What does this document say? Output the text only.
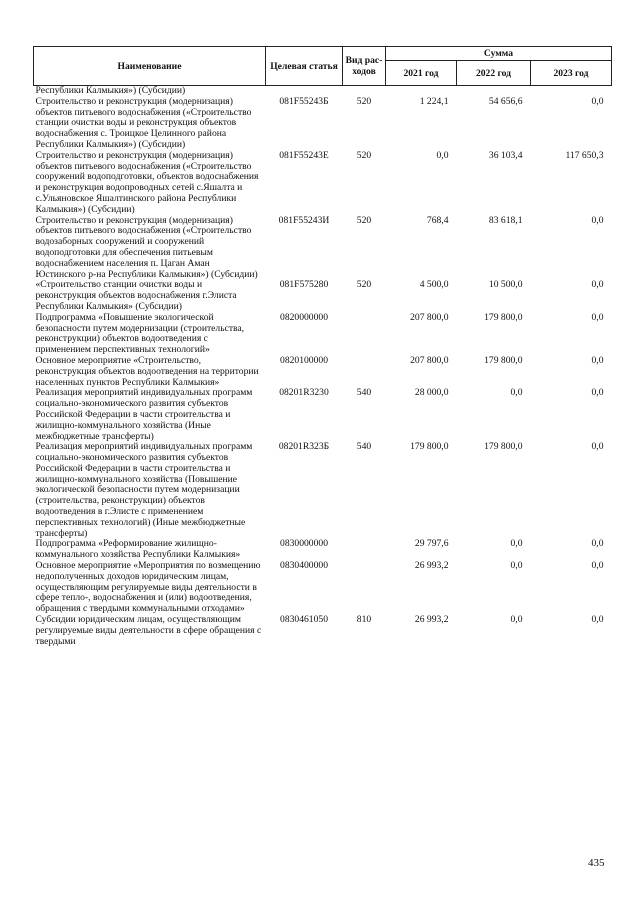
Наименование	Целевая статья	Вид рас-ходов	Сумма		
			2021 год	2022 год	2023 год
Республики Калмыкия») (Субсидии)					
Строительство и реконструкция (модернизация) объектов питьевого водоснабжения («Строительство станции очистки воды и реконструкция объектов водоснабжения с. Троицкое Целинного района Республики Калмыкия») (Субсидии)	081F55243Б	520	1 224,1	54 656,6	0,0
Строительство и реконструкция (модернизация) объектов питьевого водоснабжения («Строительство сооружений водоподготовки, объектов водоснабжения и реконструкция водопроводных сетей с.Яшалта и с.Ульяновское Яшалтинского района Республики Калмыкия») (Субсидии)	081F55243Е	520	0,0	36 103,4	117 650,3
Строительство и реконструкция (модернизация) объектов питьевого водоснабжения («Строительство водозаборных сооружений и сооружений водоподготовки для обеспечения питьевым водоснабжением населения п. Цаган Аман Юстинского р-на Республики Калмыкия») (Субсидии)	081F55243И	520	768,4	83 618,1	0,0
«Строительство станции очистки воды и реконструкция объектов водоснабжения г.Элиста Республики Калмыкия» (Субсидии)	081F575280	520	4 500,0	10 500,0	0,0
Подпрограмма «Повышение экологической безопасности путем модернизации (строительства, реконструкции) объектов водоотведения с применением перспективных технологий»	0820000000		207 800,0	179 800,0	0,0
Основное мероприятие «Строительство, реконструкция объектов водоотведения на территории населенных пунктов Республики Калмыкия»	0820100000		207 800,0	179 800,0	0,0
Реализация мероприятий индивидуальных программ социально-экономического развития субъектов Российской Федерации в части строительства и жилищно-коммунального хозяйства (Иные межбюджетные трансферты)	08201R3230	540	28 000,0	0,0	0,0
Реализация мероприятий индивидуальных программ социально-экономического развития субъектов Российской Федерации в части строительства и жилищно-коммунального хозяйства (Повышение экологической безопасности путем модернизации (строительства, реконструкции) объектов водоотведения в г.Элисте с применением перспективных технологий) (Иные межбюджетные трансферты)	08201R323Б	540	179 800,0	179 800,0	0,0
Подпрограмма «Реформирование жилищно-коммунального хозяйства Республики Калмыкия»	0830000000		29 797,6	0,0	0,0
Основное мероприятие «Мероприятия по возмещению недополученных доходов юридическим лицам, осуществляющим регулируемые виды деятельности в сфере тепло-, водоснабжения и (или) водоотведения, обращения с твердыми коммунальными отходами»	0830400000		26 993,2	0,0	0,0
Субсидии юридическим лицам, осуществляющим регулируемые виды деятельности в сфере обращения с твердыми	0830461050	810	26 993,2	0,0	0,0
435
